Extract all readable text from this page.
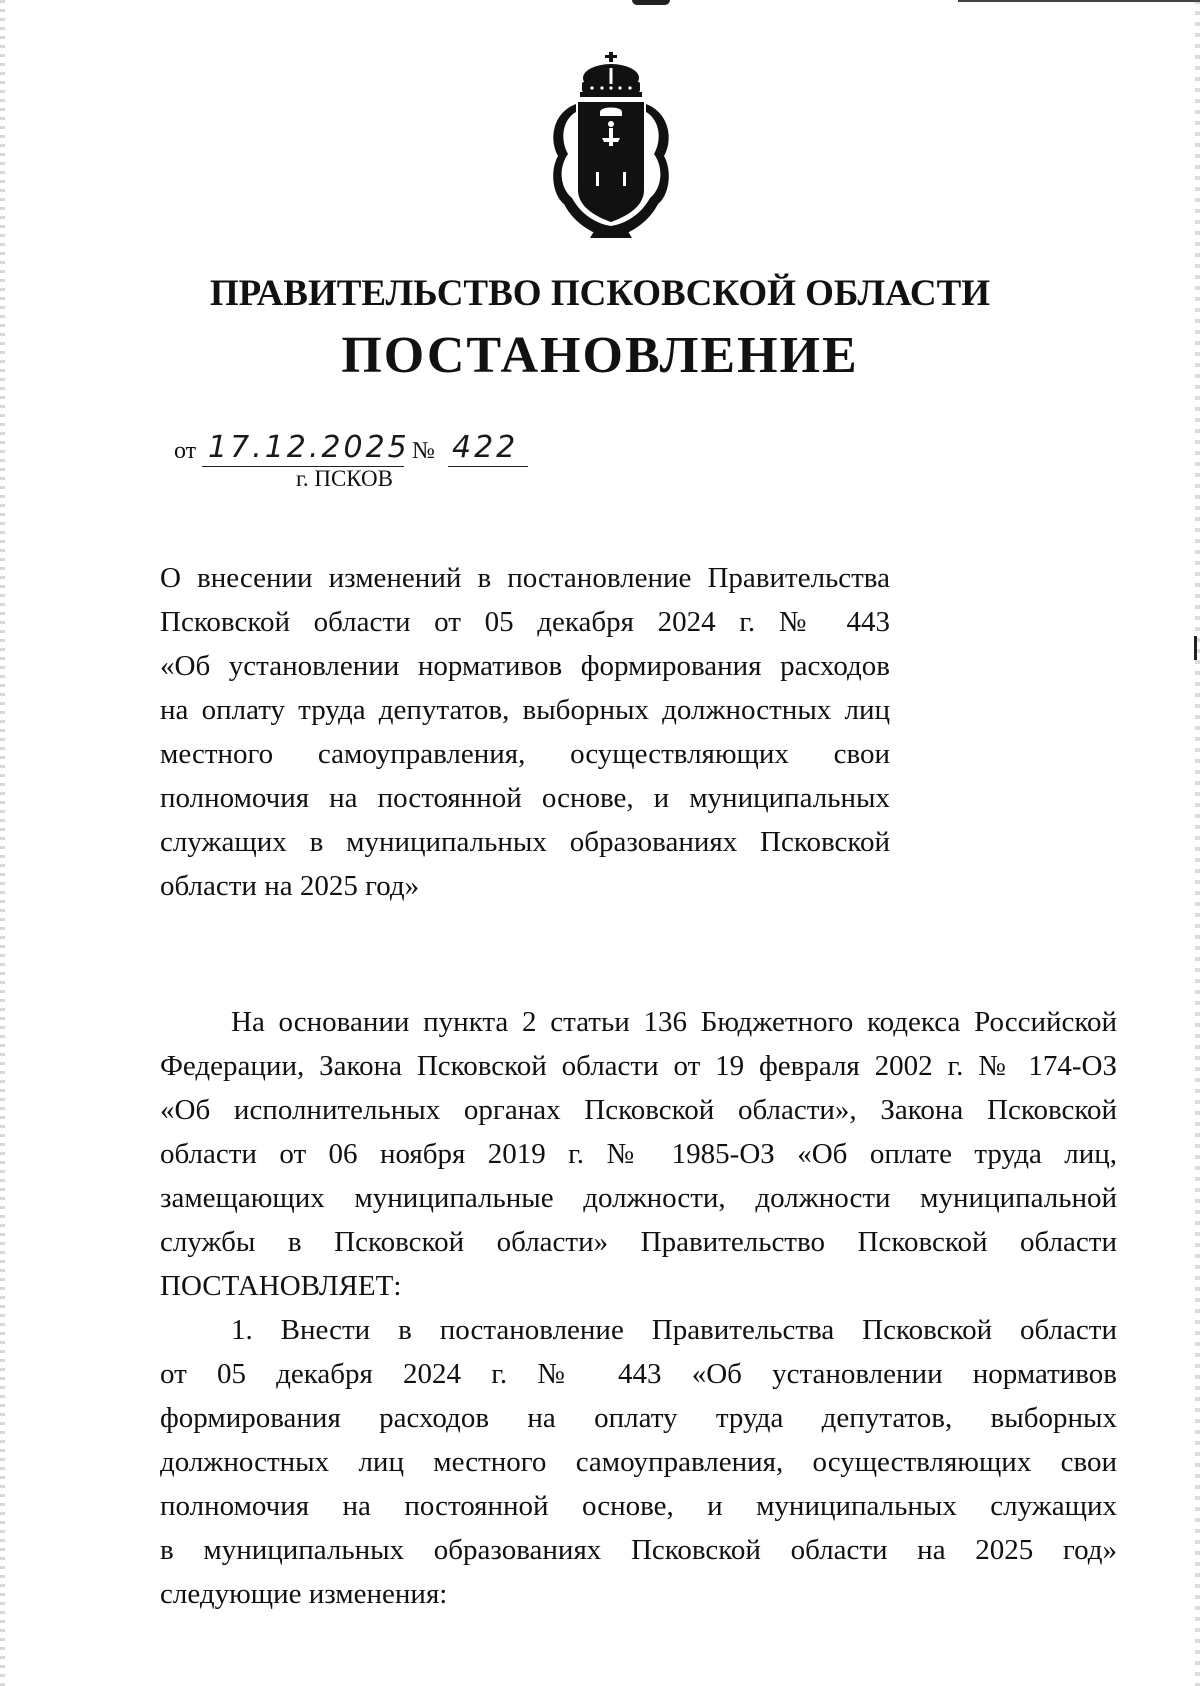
ПРАВИТЕЛЬСТВО ПСКОВСКОЙ ОБЛАСТИ
ПОСТАНОВЛЕНИЕ
от 17.12.2025 № 422
г. ПСКОВ
О внесении изменений в постановление Правительства
Псковской области от 05 декабря 2024 г. № 443
«Об установлении нормативов формирования расходов
на оплату труда депутатов, выборных должностных лиц
местного самоуправления, осуществляющих свои
полномочия на постоянной основе, и муниципальных
служащих в муниципальных образованиях Псковской
области на 2025 год»
На основании пункта 2 статьи 136 Бюджетного кодекса Российской
Федерации, Закона Псковской области от 19 февраля 2002 г. № 174-ОЗ
«Об исполнительных органах Псковской области», Закона Псковской
области от 06 ноября 2019 г. № 1985-ОЗ «Об оплате труда лиц,
замещающих муниципальные должности, должности муниципальной
службы в Псковской области» Правительство Псковской области
ПОСТАНОВЛЯЕТ:
1. Внести в постановление Правительства Псковской области
от 05 декабря 2024 г. № 443 «Об установлении нормативов
формирования расходов на оплату труда депутатов, выборных
должностных лиц местного самоуправления, осуществляющих свои
полномочия на постоянной основе, и муниципальных служащих
в муниципальных образованиях Псковской области на 2025 год»
следующие изменения:
